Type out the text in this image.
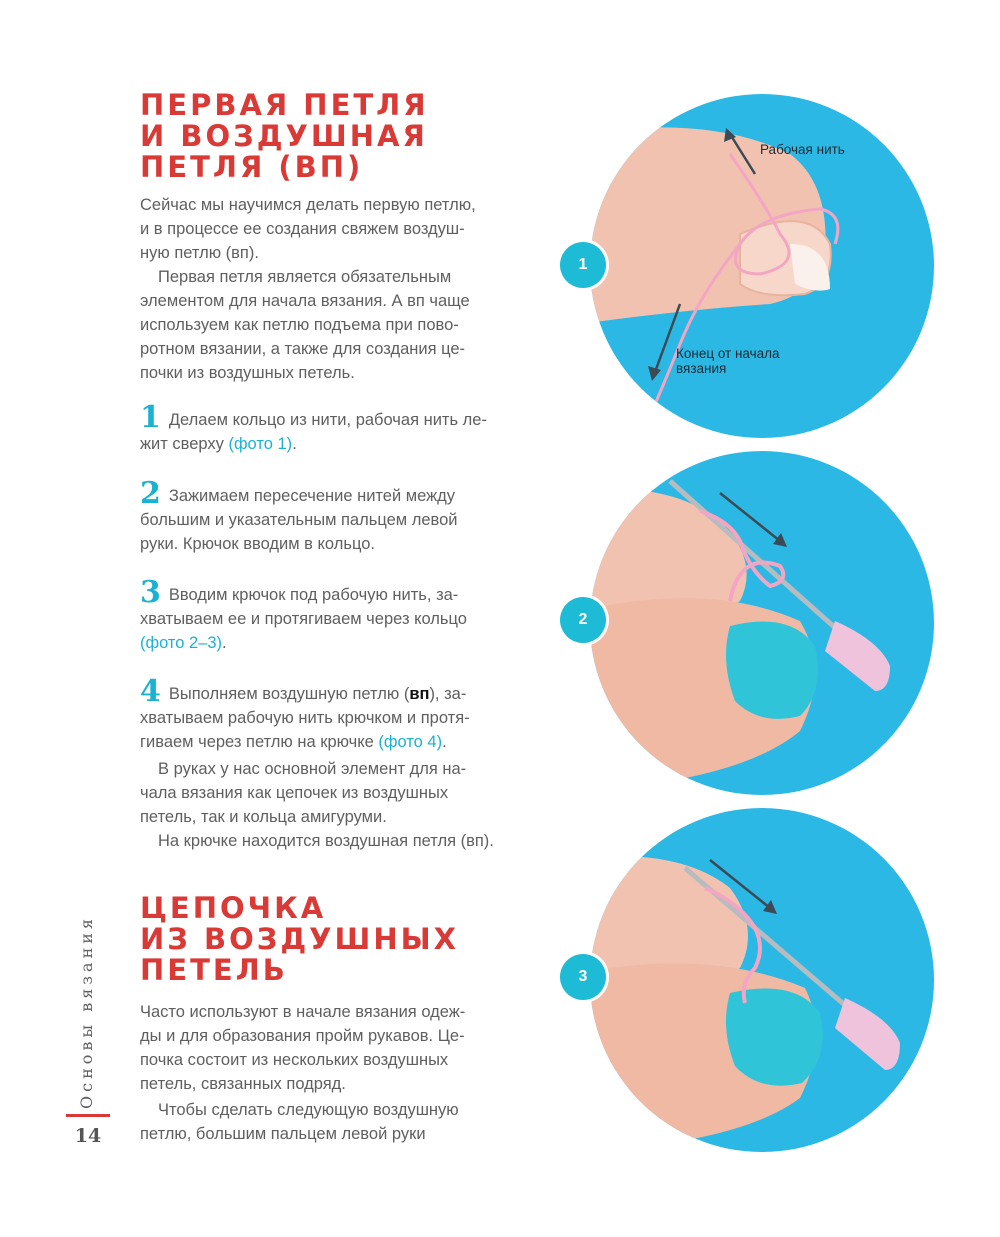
ПЕРВАЯ ПЕТЛЯ
И ВОЗДУШНАЯ
ПЕТЛЯ (ВП)

Сейчас мы научимся делать первую петлю,
и в процессе ее создания свяжем воздуш-
ную петлю (вп).

Первая петля является обязательным
элементом для начала вязания. А вп чаще
используем как петлю подъема при пово-
ротном вязании, а также для создания це-
почки из воздушных петель.

1 Делаем кольцо из нити, рабочая нить ле-
жит сверху (фото 1).

2 Зажимаем пересечение нитей между
большим и указательным пальцем левой
руки. Крючок вводим в кольцо.

3 Вводим крючок под рабочую нить, за-
хватываем ее и протягиваем через кольцо
(фото 2–3).

4 Выполняем воздушную петлю (вп), за-
хватываем рабочую нить крючком и протя-
гиваем через петлю на крючке (фото 4).

В руках у нас основной элемент для на-
чала вязания как цепочек из воздушных
петель, так и кольца амигуруми.

На крючке находится воздушная петля (вп).

ЦЕПОЧКА
ИЗ ВОЗДУШНЫХ
ПЕТЕЛЬ

Часто используют в начале вязания одеж-
ды и для образования пройм рукавов. Це-
почка состоит из нескольких воздушных
петель, связанных подряд.

Чтобы сделать следующую воздушную
петлю, большим пальцем левой руки

Основы вязания
14
Рабочая нить
Конец от начала
вязания
1
2
3
